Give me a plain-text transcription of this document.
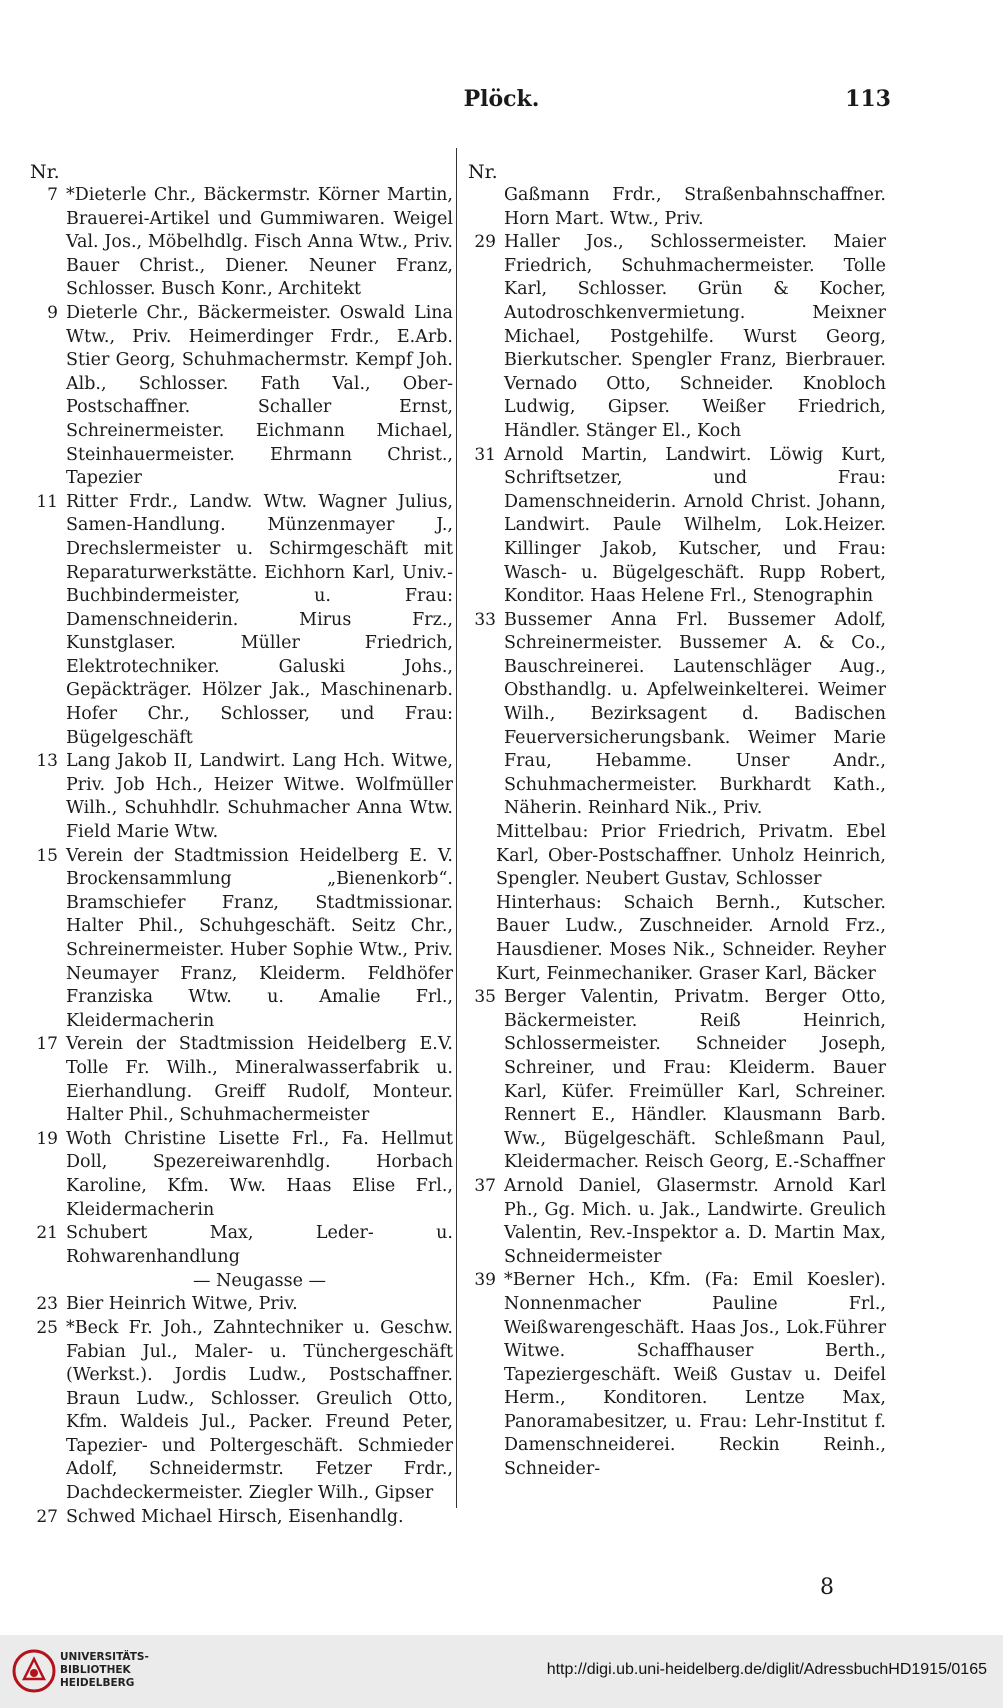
Plöck.	113
Nr.
7 *Dieterle Chr., Bäckermstr. Körner Martin, Brauerei-Artikel und Gummiwaren. Weigel Val. Jos., Möbelhdlg. Fisch Anna Wtw., Priv. Bauer Christ., Diener. Neuner Franz, Schlosser. Busch Konr., Architekt
9 Dieterle Chr., Bäckermeister. Oswald Lina Wtw., Priv. Heimerdinger Frdr., E.Arb. Stier Georg, Schuhmachermstr. Kempf Joh. Alb., Schlosser. Fath Val., Ober-Postschaffner. Schaller Ernst, Schreinermeister. Eichmann Michael, Steinhauermeister. Ehrmann Christ., Tapezier
11 Ritter Frdr., Landw. Wtw. Wagner Julius, Samen-Handlung. Münzenmayer J., Drechslermeister u. Schirmgeschäft mit Reparaturwerkstätte. Eichhorn Karl, Univ.-Buchbindermeister, u. Frau: Damenschneiderin. Mirus Frz., Kunstglaser. Müller Friedrich, Elektrotechniker. Galuski Johs., Gepäckträger. Hölzer Jak., Maschinenarb. Hofer Chr., Schlosser, und Frau: Bügelgeschäft
13 Lang Jakob II, Landwirt. Lang Hch. Witwe, Priv. Job Hch., Heizer Witwe. Wolfmüller Wilh., Schuhhdlr. Schuhmacher Anna Wtw. Field Marie Wtw.
15 Verein der Stadtmission Heidelberg E. V. Brockensammlung „Bienenkorb“. Bramschiefer Franz, Stadtmissionar. Halter Phil., Schuhgeschäft. Seitz Chr., Schreinermeister. Huber Sophie Wtw., Priv. Neumayer Franz, Kleiderm. Feldhöfer Franziska Wtw. u. Amalie Frl., Kleidermacherin
17 Verein der Stadtmission Heidelberg E.V. Tolle Fr. Wilh., Mineralwasserfabrik u. Eierhandlung. Greiff Rudolf, Monteur. Halter Phil., Schuhmachermeister
19 Woth Christine Lisette Frl., Fa. Hellmut Doll, Spezereiwarenhdlg. Horbach Karoline, Kfm. Ww. Haas Elise Frl., Kleidermacherin
21 Schubert Max, Leder- u. Rohwarenhandlung
— Neugasse —
23 Bier Heinrich Witwe, Priv.
25 *Beck Fr. Joh., Zahntechniker u. Geschw. Fabian Jul., Maler- u. Tünchergeschäft (Werkst.). Jordis Ludw., Postschaffner. Braun Ludw., Schlosser. Greulich Otto, Kfm. Waldeis Jul., Packer. Freund Peter, Tapezier- und Poltergeschäft. Schmieder Adolf, Schneidermstr. Fetzer Frdr., Dachdeckermeister. Ziegler Wilh., Gipser
27 Schwed Michael Hirsch, Eisenhandlg.
Nr.
Gaßmann Frdr., Straßenbahnschaffner. Horn Mart. Wtw., Priv.
29 Haller Jos., Schlossermeister. Maier Friedrich, Schuhmachermeister. Tolle Karl, Schlosser. Grün & Kocher, Autodroschkenvermietung. Meixner Michael, Postgehilfe. Wurst Georg, Bierkutscher. Spengler Franz, Bierbrauer. Vernado Otto, Schneider. Knobloch Ludwig, Gipser. Weißer Friedrich, Händler. Stänger El., Koch
31 Arnold Martin, Landwirt. Löwig Kurt, Schriftsetzer, und Frau: Damenschneiderin. Arnold Christ. Johann, Landwirt. Paule Wilhelm, Lok.Heizer. Killinger Jakob, Kutscher, und Frau: Wasch- u. Bügelgeschäft. Rupp Robert, Konditor. Haas Helene Frl., Stenographin
33 Bussemer Anna Frl. Bussemer Adolf, Schreinermeister. Bussemer A. & Co., Bauschreinerei. Lautenschläger Aug., Obsthandlg. u. Apfelweinkelterei. Weimer Wilh., Bezirksagent d. Badischen Feuerversicherungsbank. Weimer Marie Frau, Hebamme. Unser Andr., Schuhmachermeister. Burkhardt Kath., Näherin. Reinhard Nik., Priv.
Mittelbau: Prior Friedrich, Privatm. Ebel Karl, Ober-Postschaffner. Unholz Heinrich, Spengler. Neubert Gustav, Schlosser
Hinterhaus: Schaich Bernh., Kutscher. Bauer Ludw., Zuschneider. Arnold Frz., Hausdiener. Moses Nik., Schneider. Reyher Kurt, Feinmechaniker. Graser Karl, Bäcker
35 Berger Valentin, Privatm. Berger Otto, Bäckermeister. Reiß Heinrich, Schlossermeister. Schneider Joseph, Schreiner, und Frau: Kleiderm. Bauer Karl, Küfer. Freimüller Karl, Schreiner. Rennert E., Händler. Klausmann Barb. Ww., Bügelgeschäft. Schleßmann Paul, Kleidermacher. Reisch Georg, E.-Schaffner
37 Arnold Daniel, Glasermstr. Arnold Karl Ph., Gg. Mich. u. Jak., Landwirte. Greulich Valentin, Rev.-Inspektor a. D. Martin Max, Schneidermeister
39 *Berner Hch., Kfm. (Fa: Emil Koesler). Nonnenmacher Pauline Frl., Weißwarengeschäft. Haas Jos., Lok.Führer Witwe. Schaffhauser Berth., Tapeziergeschäft. Weiß Gustav u. Deifel Herm., Konditoren. Lentze Max, Panoramabesitzer, u. Frau: Lehr-Institut f. Damenschneiderei. Reckin Reinh., Schneider-
8
UNIVERSITÄTS-
BIBLIOTHEK
HEIDELBERG
http://digi.ub.uni-heidelberg.de/diglit/AdressbuchHD1915/0165
